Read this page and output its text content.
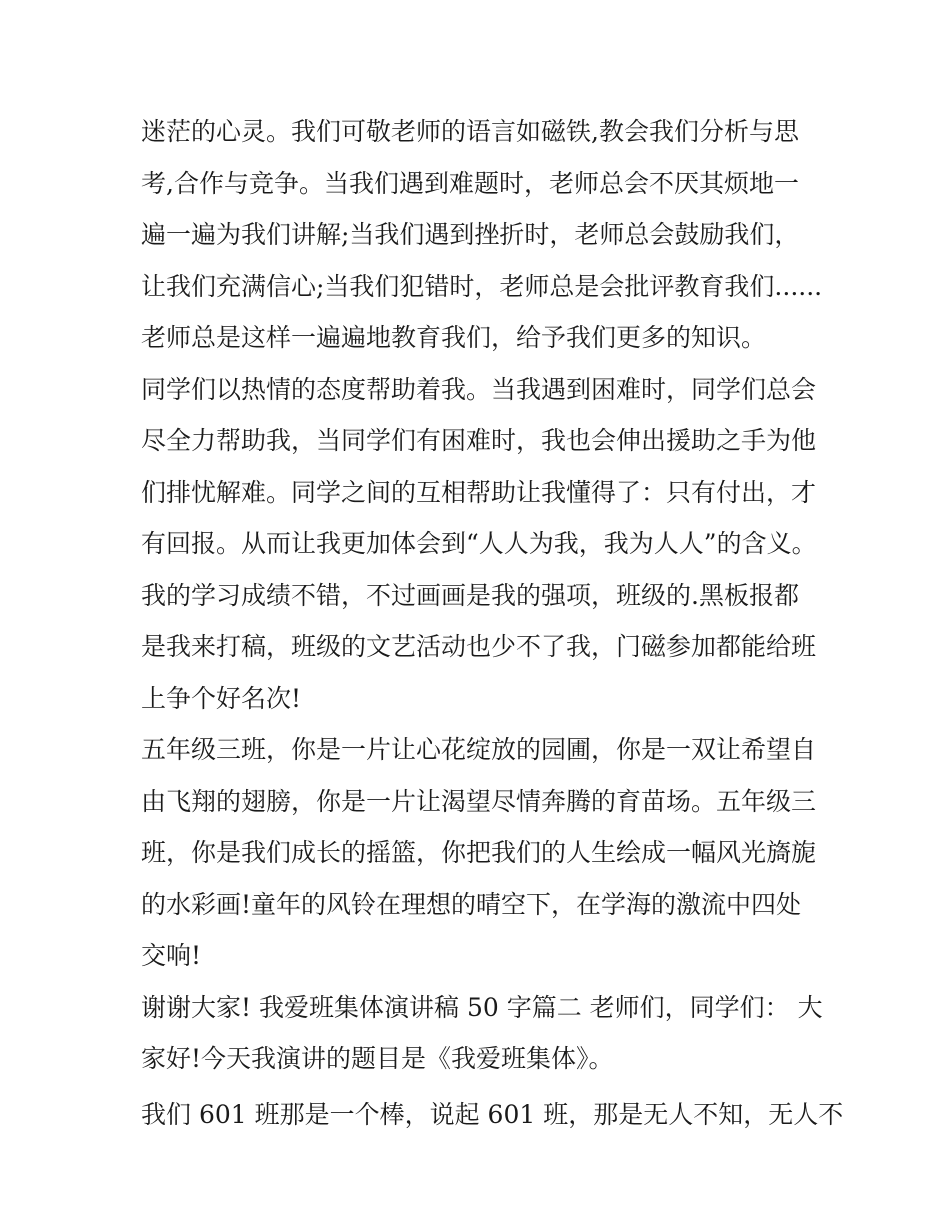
迷茫的心灵。我们可敬老师的语言如磁铁,教会我们分析与思
考,合作与竞争。当我们遇到难题时，老师总会不厌其烦地一
遍一遍为我们讲解;当我们遇到挫折时，老师总会鼓励我们，
让我们充满信心;当我们犯错时，老师总是会批评教育我们......
老师总是这样一遍遍地教育我们，给予我们更多的知识。
同学们以热情的态度帮助着我。当我遇到困难时，同学们总会
尽全力帮助我，当同学们有困难时，我也会伸出援助之手为他
们排忧解难。同学之间的互相帮助让我懂得了：只有付出，才
有回报。从而让我更加体会到“人人为我，我为人人”的含义。
我的学习成绩不错，不过画画是我的强项，班级的.黑板报都
是我来打稿，班级的文艺活动也少不了我，门磁参加都能给班
上争个好名次!
五年级三班，你是一片让心花绽放的园圃，你是一双让希望自
由飞翔的翅膀，你是一片让渴望尽情奔腾的育苗场。五年级三
班，你是我们成长的摇篮，你把我们的人生绘成一幅风光旖旎
的水彩画!童年的风铃在理想的晴空下，在学海的激流中四处
交响!
谢谢大家! 我爱班集体演讲稿 50 字篇二 老师们，同学们： 大
家好!今天我演讲的题目是《我爱班集体》。
我们 601 班那是一个棒，说起 601 班，那是无人不知，无人不
